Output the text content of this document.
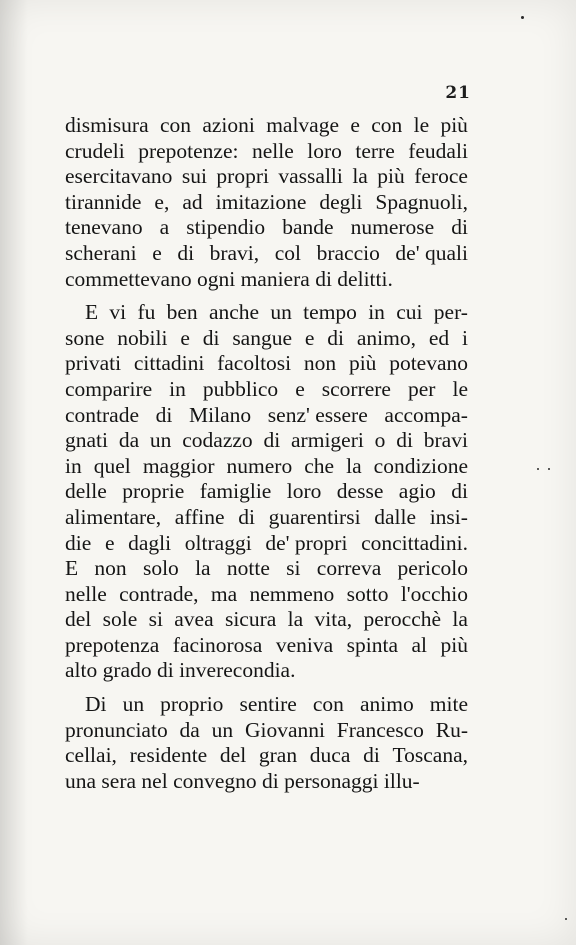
21
dismisura con azioni malvage e con le più
crudeli prepotenze: nelle loro terre feudali
esercitavano sui propri vassalli la più feroce
tirannide e, ad imitazione degli Spagnuoli,
tenevano a stipendio bande numerose di
scherani e di bravi, col braccio de' quali
commettevano
ogni
maniera
di
delitti.
E vi fu ben anche un tempo in cui per-
sone nobili e di sangue e di animo, ed i
privati cittadini facoltosi non più potevano
comparire in pubblico e scorrere per le
contrade di Milano senz' essere accompa-
gnati da un codazzo di armigeri o di bravi
in quel maggior numero che la condizione
delle proprie famiglie loro desse agio di
alimentare, affine di guarentirsi dalle insi-
die e dagli oltraggi de' propri concittadini.
E non solo la notte si correva pericolo
nelle contrade, ma nemmeno sotto l'occhio
del sole si avea sicura la vita, perocchè la
prepotenza facinorosa veniva spinta al più
alto
grado
di
inverecondia.
Di un proprio sentire con animo mite
pronunciato da un Giovanni Francesco Ru-
cellai, residente del gran duca di Toscana,
una
sera
nel
convegno
di
personaggi
illu-
